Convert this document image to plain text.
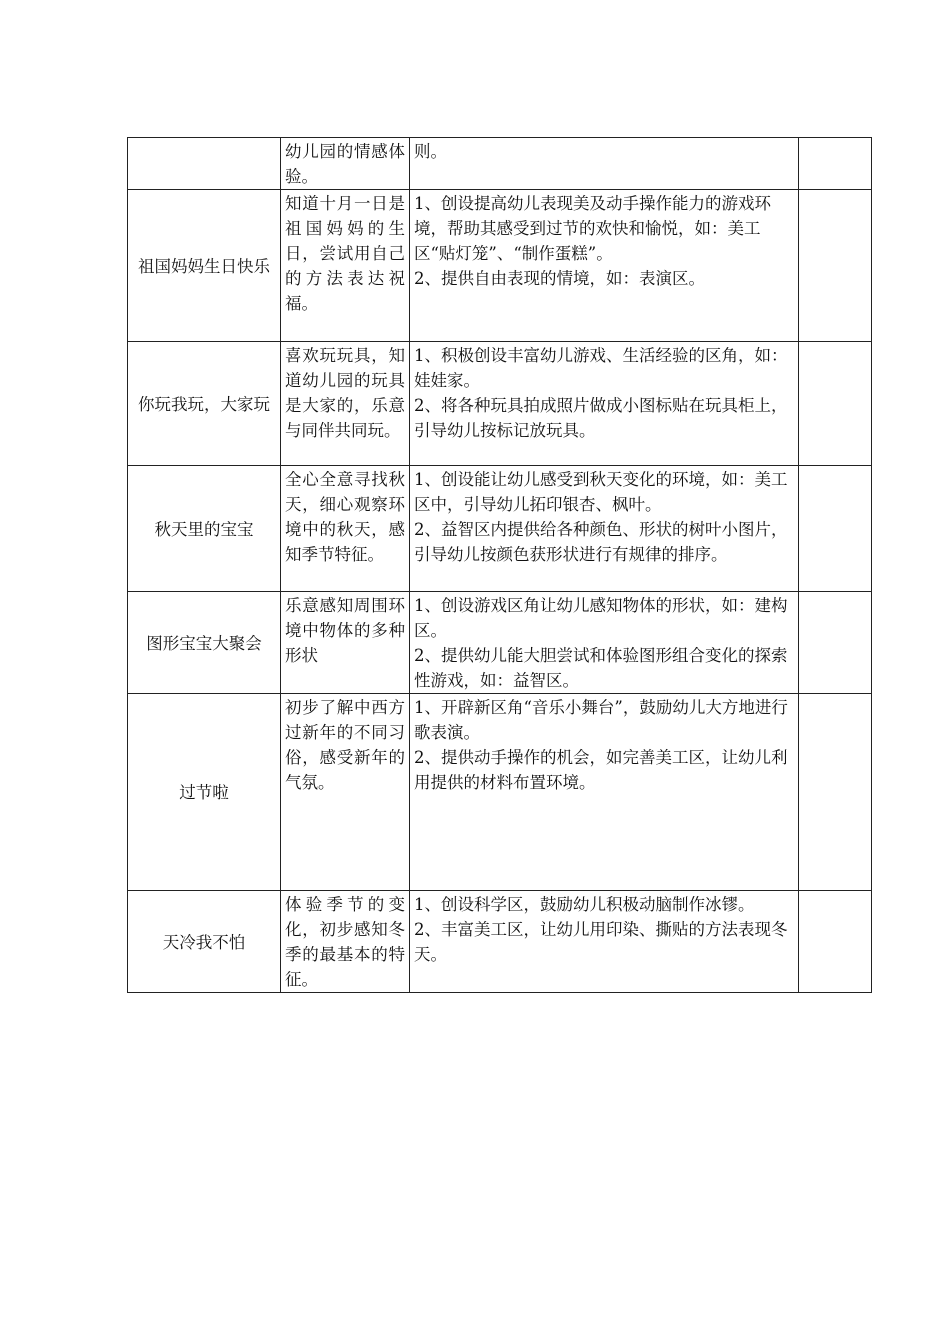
	幼儿园的情感体验。	则。	

祖国妈妈生日快乐	知道十月一日是祖国妈妈的生日，尝试用自己的方法表达祝福。	1、创设提高幼儿表现美及动手操作能力的游戏环境，帮助其感受到过节的欢快和愉悦，如：美工区“贴灯笼”、“制作蛋糕”。
2、提供自由表现的情境，如：表演区。	

你玩我玩，大家玩	喜欢玩玩具，知道幼儿园的玩具是大家的，乐意与同伴共同玩。	1、积极创设丰富幼儿游戏、生活经验的区角，如：娃娃家。
2、将各种玩具拍成照片做成小图标贴在玩具柜上，引导幼儿按标记放玩具。	

秋天里的宝宝	全心全意寻找秋天，细心观察环境中的秋天，感知季节特征。	1、创设能让幼儿感受到秋天变化的环境，如：美工区中，引导幼儿拓印银杏、枫叶。
2、益智区内提供给各种颜色、形状的树叶小图片，引导幼儿按颜色获形状进行有规律的排序。	

图形宝宝大聚会	乐意感知周围环境中物体的多种形状	1、创设游戏区角让幼儿感知物体的形状，如：建构区。
2、提供幼儿能大胆尝试和体验图形组合变化的探索性游戏，如：益智区。	

过节啦	初步了解中西方过新年的不同习俗，感受新年的气氛。	1、开辟新区角“音乐小舞台”，鼓励幼儿大方地进行歌表演。
2、提供动手操作的机会，如完善美工区，让幼儿利用提供的材料布置环境。	

天冷我不怕	体验季节的变化，初步感知冬季的最基本的特征。	1、创设科学区，鼓励幼儿积极动脑制作冰镠。
2、丰富美工区，让幼儿用印染、撕贴的方法表现冬天。	
